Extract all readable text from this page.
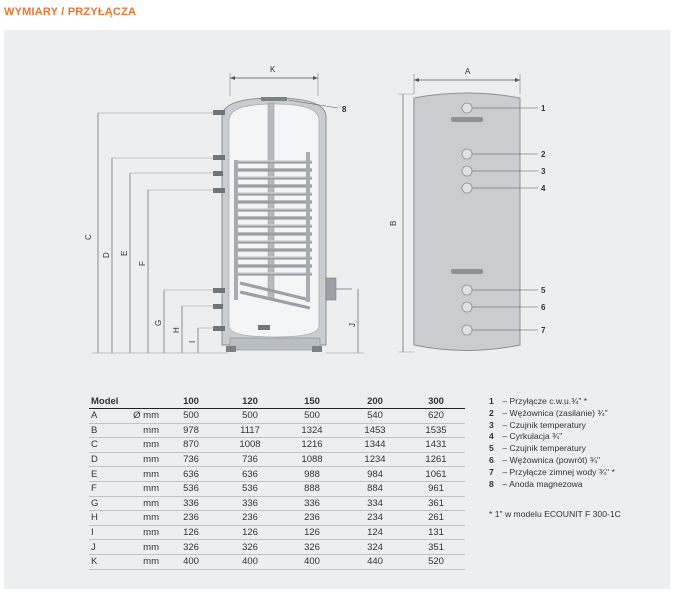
WYMIARY / PRZYŁĄCZA
K
8
C
D E
F
G
H
I
J
A
B
1
2
3
4
5
6
7
Model		100	120	150	200	300
A	Ø mm	500	500	500	540	620
B	mm	978	1117	1324	1453	1535
C	mm	870	1008	1216	1344	1431
D	mm	736	736	1088	1234	1261
E	mm	636	636	988	984	1061
F	mm	536	536	888	884	961
G	mm	336	336	336	334	361
H	mm	236	236	236	234	261
I	mm	126	126	126	124	131
J	mm	326	326	326	324	351
K	mm	400	400	400	440	520
1 – Przyłącze c.w.u.¾" *
2 – Wężownica (zasilanie) ¾"
3 – Czujnik temperatury
4 – Cyrkulacja ¾"
5 – Czujnik temperatury
6 – Wężownica (powrót) ¾"
7 – Przyłącze zimnej wody ¾" *
8 – Anoda magnezowa
* 1" w modelu ECOUNIT F 300-1C
